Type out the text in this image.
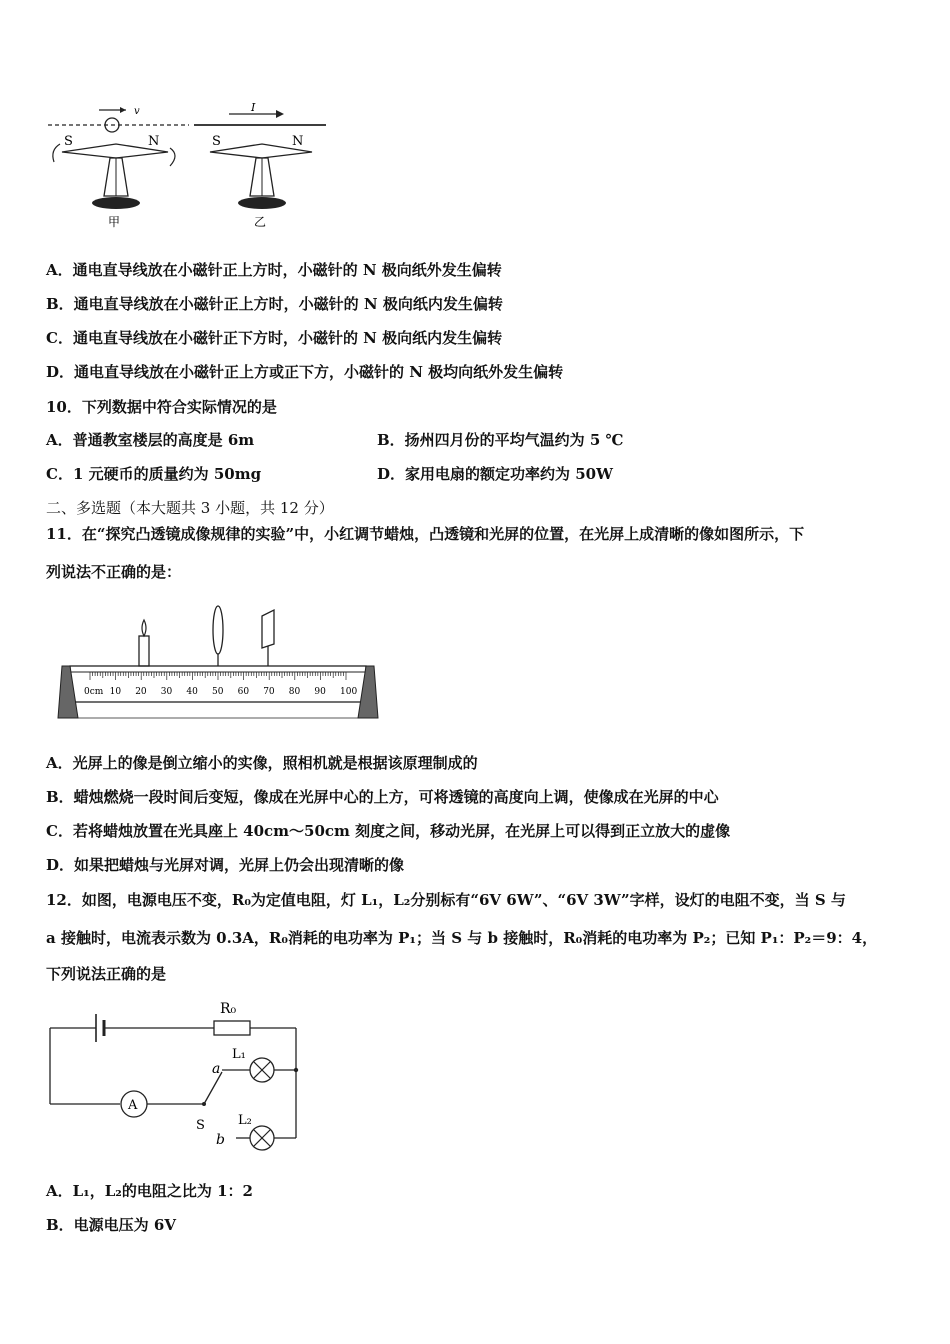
v	I
S	N
甲
S	N
乙
A．通电直导线放在小磁针正上方时，小磁针的 N 极向纸外发生偏转
B．通电直导线放在小磁针正上方时，小磁针的 N 极向纸内发生偏转
C．通电直导线放在小磁针正下方时，小磁针的 N 极向纸内发生偏转
D．通电直导线放在小磁针正上方或正下方，小磁针的 N 极均向纸外发生偏转
10．下列数据中符合实际情况的是
A．普通教室楼层的高度是 6m	B．扬州四月份的平均气温约为 5 ℃
C．1 元硬币的质量约为 50mg	D．家用电扇的额定功率约为 50W
二、多选题（本大题共 3 小题，共 12 分）
11．在“探究凸透镜成像规律的实验”中，小红调节蜡烛，凸透镜和光屏的位置，在光屏上成清晰的像如图所示，下
列说法不正确的是：
0cm 10 20 30 40 50 60 70 80 90 100
A．光屏上的像是倒立缩小的实像，照相机就是根据该原理制成的
B．蜡烛燃烧一段时间后变短，像成在光屏中心的上方，可将透镜的高度向上调，使像成在光屏的中心
C．若将蜡烛放置在光具座上 40cm～50cm 刻度之间，移动光屏，在光屏上可以得到正立放大的虚像
D．如果把蜡烛与光屏对调，光屏上仍会出现清晰的像
12．如图，电源电压不变，R₀为定值电阻，灯 L₁，L₂分别标有“6V 6W”、“6V 3W”字样，设灯的电阻不变，当 S 与
a 接触时，电流表示数为 0.3A，R₀消耗的电功率为 P₁；当 S 与 b 接触时，R₀消耗的电功率为 P₂；已知 P₁：P₂＝9：4，
下列说法正确的是
R₀
L₁
a
L₂
b
S
A
A．L₁，L₂的电阻之比为 1：2
B．电源电压为 6V
